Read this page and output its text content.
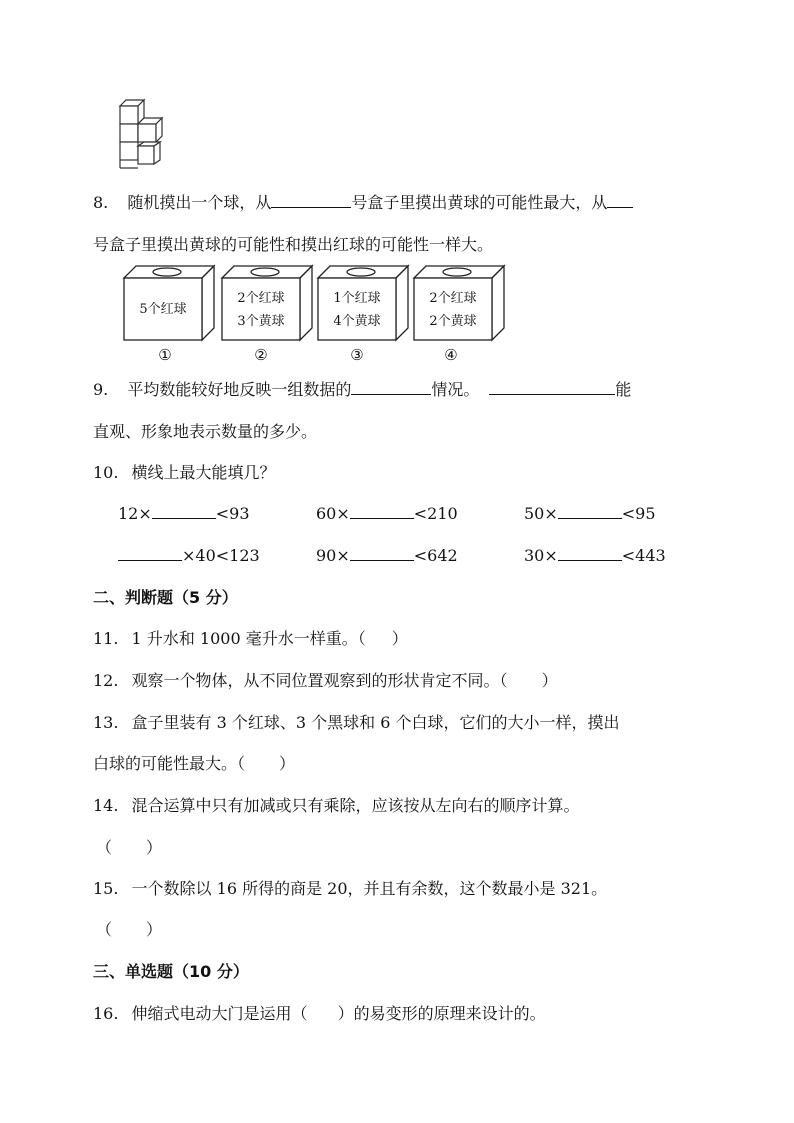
8. 随机摸出一个球，从	号盒子里摸出黄球的可能性最大，从
号盒子里摸出黄球的可能性和摸出红球的可能性一样大。
5个红球
2个红球
3个黄球
1个红球
4个黄球
2个红球
2个黄球
①	②	③	④
9. 平均数能较好地反映一组数据的	情况。	能
直观、形象地表示数量的多少。
10. 横线上最大能填几？
12×	<93	60×	<210	50×	<95
×40<123	90×	<642	30×	<443
二、判断题（5 分）
11. 1 升水和 1000 毫升水一样重。（ ）
12. 观察一个物体，从不同位置观察到的形状肯定不同。（ ）
13. 盒子里装有 3 个红球、3 个黑球和 6 个白球，它们的大小一样，摸出
白球的可能性最大。（ ）
14. 混合运算中只有加减或只有乘除，应该按从左向右的顺序计算。
（ ）
15. 一个数除以 16 所得的商是 20，并且有余数，这个数最小是 321。
（ ）
三、单选题（10 分）
16. 伸缩式电动大门是运用（ ）的易变形的原理来设计的。
